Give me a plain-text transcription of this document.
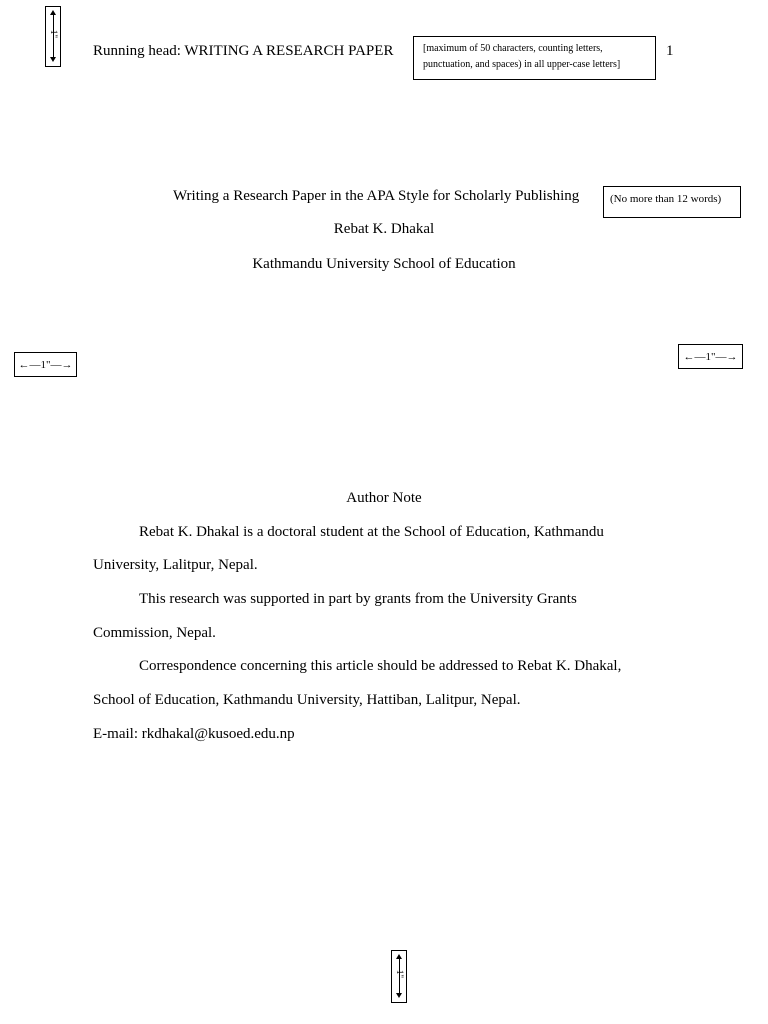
1"
Running head: WRITING A RESEARCH PAPER	[maximum of 50 characters, counting letters, punctuation, and spaces) in all upper-case letters]
1
Writing a Research Paper in the APA Style for Scholarly Publishing	(No more than 12 words)
Rebat K. Dhakal
Kathmandu University School of Education
←— 1" —→
←— 1" —→
Author Note
Rebat K. Dhakal is a doctoral student at the School of Education, Kathmandu
University, Lalitpur, Nepal.
This research was supported in part by grants from the University Grants
Commission, Nepal.
Correspondence concerning this article should be addressed to Rebat K. Dhakal,
School of Education, Kathmandu University, Hattiban, Lalitpur, Nepal.
E-mail: rkdhakal@kusoed.edu.np
1"
